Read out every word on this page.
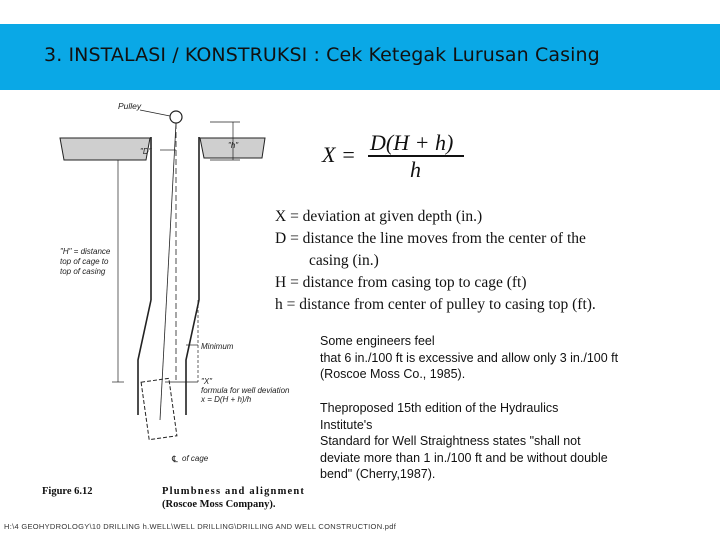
3. INSTALASI / KONSTRUKSI : Cek Ketegak Lurusan Casing
℄
Pulley
"D"
"h"
"H" = distance
top of cage to
top of casing
Minimum
"X"
formula for well deviation
x = D(H + h)/h
of cage
X = D(H + h)
h
X = deviation at given depth (in.)
D = distance the line moves from the center of the
casing (in.)
H = distance from casing top to cage (ft)
h = distance from center of pulley to casing top (ft).
Some engineers feel
that 6 in./100 ft is excessive and allow only 3 in./100 ft
(Roscoe Moss Co., 1985).
Theproposed 15th edition of the Hydraulics
Institute's
Standard for Well Straightness states "shall not
deviate more than 1 in./100 ft and be without double
bend" (Cherry,1987).
Figure 6.12	Plumbness and alignment
(Roscoe Moss Company).
H:\4 GEOHYDROLOGY\10 DRILLING h.WELL\WELL DRILLING\DRILLING AND WELL CONSTRUCTION.pdf
